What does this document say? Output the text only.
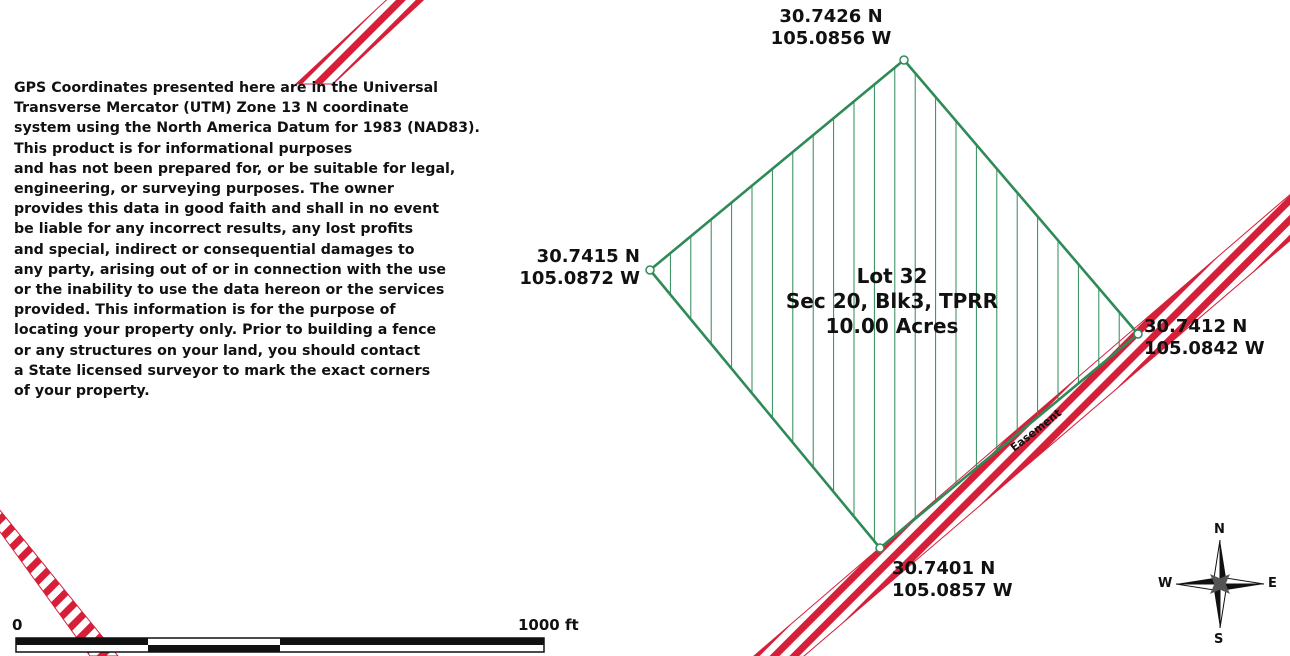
GPS Coordinates presented here are in the Universal
Transverse Mercator (UTM) Zone 13 N coordinate
system using the North America Datum for 1983 (NAD83).
This product is for informational purposes
and has not been prepared for, or be suitable for legal,
engineering, or surveying purposes. The owner
provides this data in good faith and shall in no event
be liable for any incorrect results, any lost profits
and special, indirect or consequential damages to
any party, arising out of or in connection with the use
or the inability to use the data hereon or the services
provided. This information is for the purpose of
locating your property only. Prior to building a fence
or any structures on your land, you should contact
a State licensed surveyor to mark the exact corners
of your property.
30.7426 N
105.0856 W
30.7415 N
105.0872 W
30.7412 N
105.0842 W
30.7401 N
105.0857 W
Lot 32
Sec 20, Blk3, TPRR
10.00 Acres
Easement
0	1000 ft
N
S
E
W
